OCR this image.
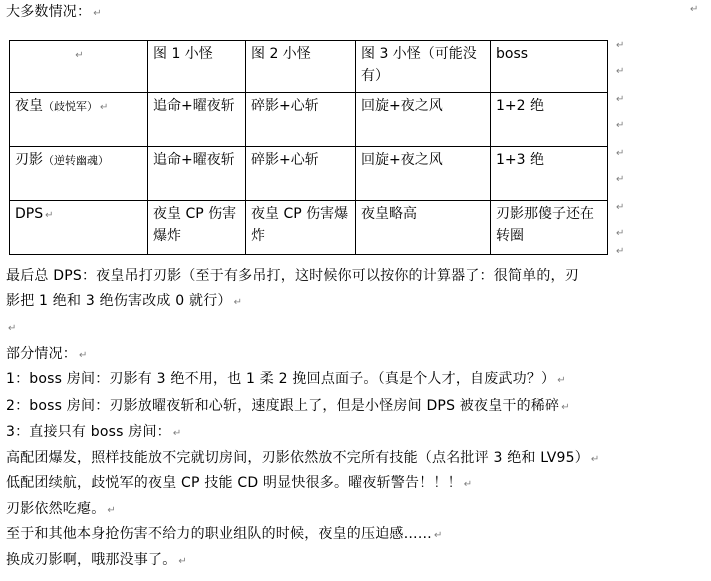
大多数情况： ↵	↵
↵	图 1 小怪	图 2 小怪	图 3 小怪（可能没有）	boss
夜皇（歧悦军） ↵	追命+曜夜斩	碎影+心斩	回旋+夜之风	1+2 绝
刃影（逆转幽魂）	追命+曜夜斩	碎影+心斩	回旋+夜之风	1+3 绝
DPS ↵	夜皇 CP 伤害爆炸	夜皇 CP 伤害爆炸	夜皇略高	刃影那傻子还在转圈
↵
↵
↵
↵
↵
↵
↵
↵
↵
最后总 DPS：夜皇吊打刃影（至于有多吊打，这时候你可以按你的计算器了：很简单的，刃
影把 1 绝和 3 绝伤害改成 0 就行） ↵
↵
部分情况： ↵
1：boss 房间：刃影有 3 绝不用，也 1 柔 2 挽回点面子。（真是个人才，自废武功？） ↵
2：boss 房间：刃影放曜夜斩和心斩，速度跟上了，但是小怪房间 DPS 被夜皇干的稀碎 ↵
3：直接只有 boss 房间： ↵
高配团爆发，照样技能放不完就切房间，刃影依然放不完所有技能（点名批评 3 绝和 LV95） ↵
低配团续航，歧悦军的夜皇 CP 技能 CD 明显快很多。曜夜斩警告！！！ ↵
刃影依然吃瘪。 ↵
至于和其他本身抢伤害不给力的职业组队的时候，夜皇的压迫感…… ↵
换成刃影啊，哦那没事了。 ↵
